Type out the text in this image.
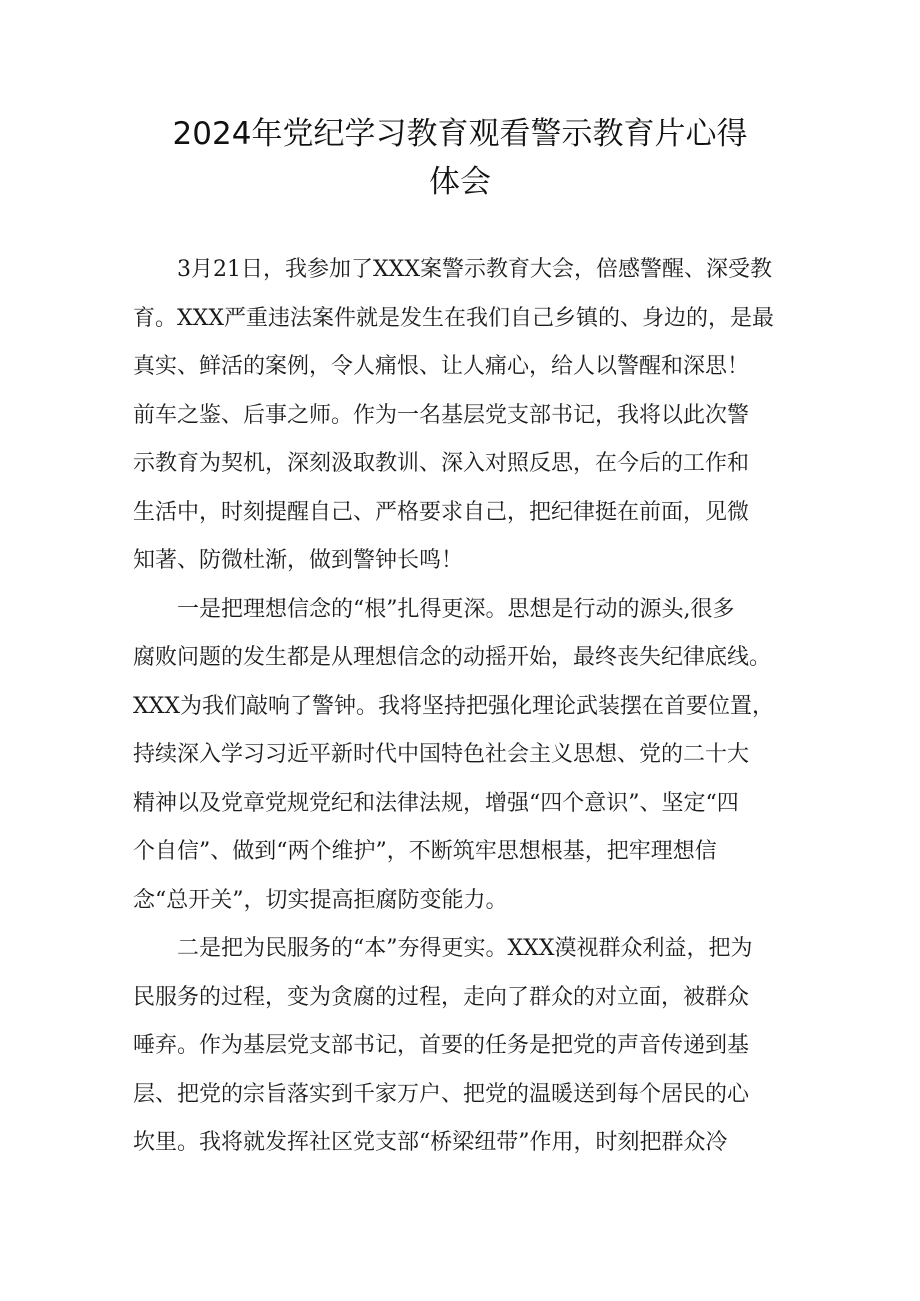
2024年党纪学习教育观看警示教育片心得
体会

3月21日，我参加了XXX案警示教育大会，倍感警醒、深受教
育。XXX严重违法案件就是发生在我们自己乡镇的、身边的，是最
真实、鲜活的案例，令人痛恨、让人痛心，给人以警醒和深思！
前车之鉴、后事之师。作为一名基层党支部书记，我将以此次警
示教育为契机，深刻汲取教训、深入对照反思，在今后的工作和
生活中，时刻提醒自己、严格要求自己，把纪律挺在前面，见微
知著、防微杜渐，做到警钟长鸣！

一是把理想信念的“根”扎得更深。思想是行动的源头,很多
腐败问题的发生都是从理想信念的动摇开始，最终丧失纪律底线。
XXX为我们敲响了警钟。我将坚持把强化理论武装摆在首要位置，
持续深入学习习近平新时代中国特色社会主义思想、党的二十大
精神以及党章党规党纪和法律法规，增强“四个意识”、坚定“四
个自信”、做到“两个维护”，不断筑牢思想根基，把牢理想信
念“总开关”，切实提高拒腐防变能力。

二是把为民服务的“本”夯得更实。XXX漠视群众利益，把为
民服务的过程，变为贪腐的过程，走向了群众的对立面，被群众
唾弃。作为基层党支部书记，首要的任务是把党的声音传递到基
层、把党的宗旨落实到千家万户、把党的温暖送到每个居民的心
坎里。我将就发挥社区党支部“桥梁纽带”作用，时刻把群众冷
